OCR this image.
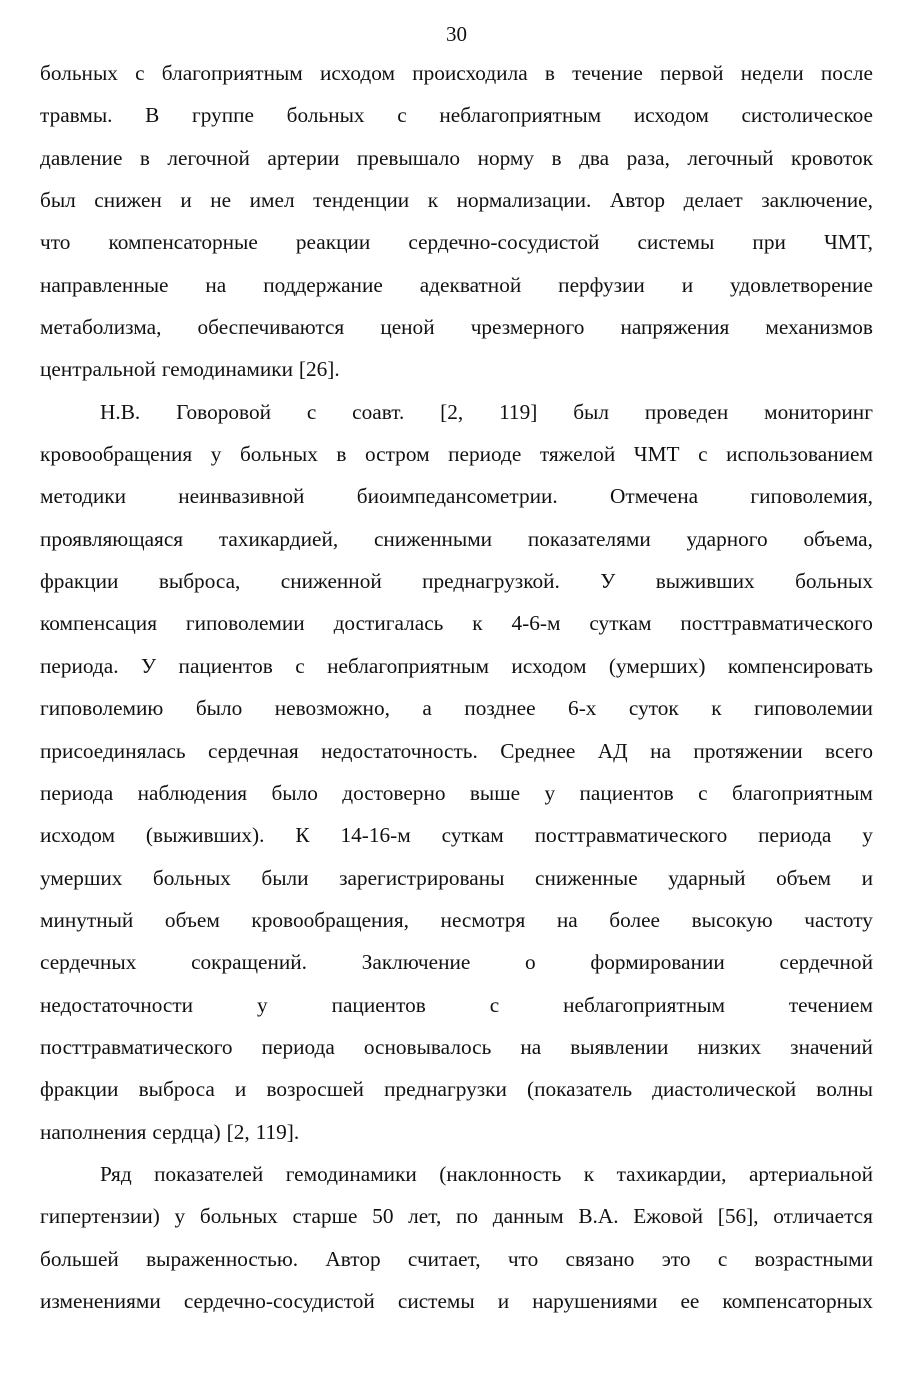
30
больных с благоприятным исходом происходила в течение первой недели после
травмы. В группе больных с неблагоприятным исходом систолическое
давление в легочной артерии превышало норму в два раза, легочный кровоток
был снижен и не имел тенденции к нормализации. Автор делает заключение,
что компенсаторные реакции сердечно-сосудистой системы при ЧМТ,
направленные на поддержание адекватной перфузии и удовлетворение
метаболизма, обеспечиваются ценой чрезмерного напряжения механизмов
центральной гемодинамики [26].
Н.В. Говоровой с соавт. [2, 119] был проведен мониторинг
кровообращения у больных в остром периоде тяжелой ЧМТ с использованием
методики неинвазивной биоимпедансометрии. Отмечена гиповолемия,
проявляющаяся тахикардией, сниженными показателями ударного объема,
фракции выброса, сниженной преднагрузкой. У выживших больных
компенсация гиповолемии достигалась к 4-6-м суткам посттравматического
периода. У пациентов с неблагоприятным исходом (умерших) компенсировать
гиповолемию было невозможно, а позднее 6-х суток к гиповолемии
присоединялась сердечная недостаточность. Среднее АД на протяжении всего
периода наблюдения было достоверно выше у пациентов с благоприятным
исходом (выживших). К 14-16-м суткам посттравматического периода у
умерших больных были зарегистрированы сниженные ударный объем и
минутный объем кровообращения, несмотря на более высокую частоту
сердечных	сокращений.	Заключение	о	формировании	сердечной
недостаточности	у	пациентов	с	неблагоприятным	течением
посттравматического периода основывалось на выявлении низких значений
фракции выброса и возросшей преднагрузки (показатель диастолической волны
наполнения сердца) [2, 119].
Ряд показателей гемодинамики (наклонность к тахикардии, артериальной
гипертензии) у больных старше 50 лет, по данным В.А. Ежовой [56], отличается
большей выраженностью. Автор считает, что связано это с возрастными
изменениями сердечно-сосудистой системы и нарушениями ее компенсаторных
